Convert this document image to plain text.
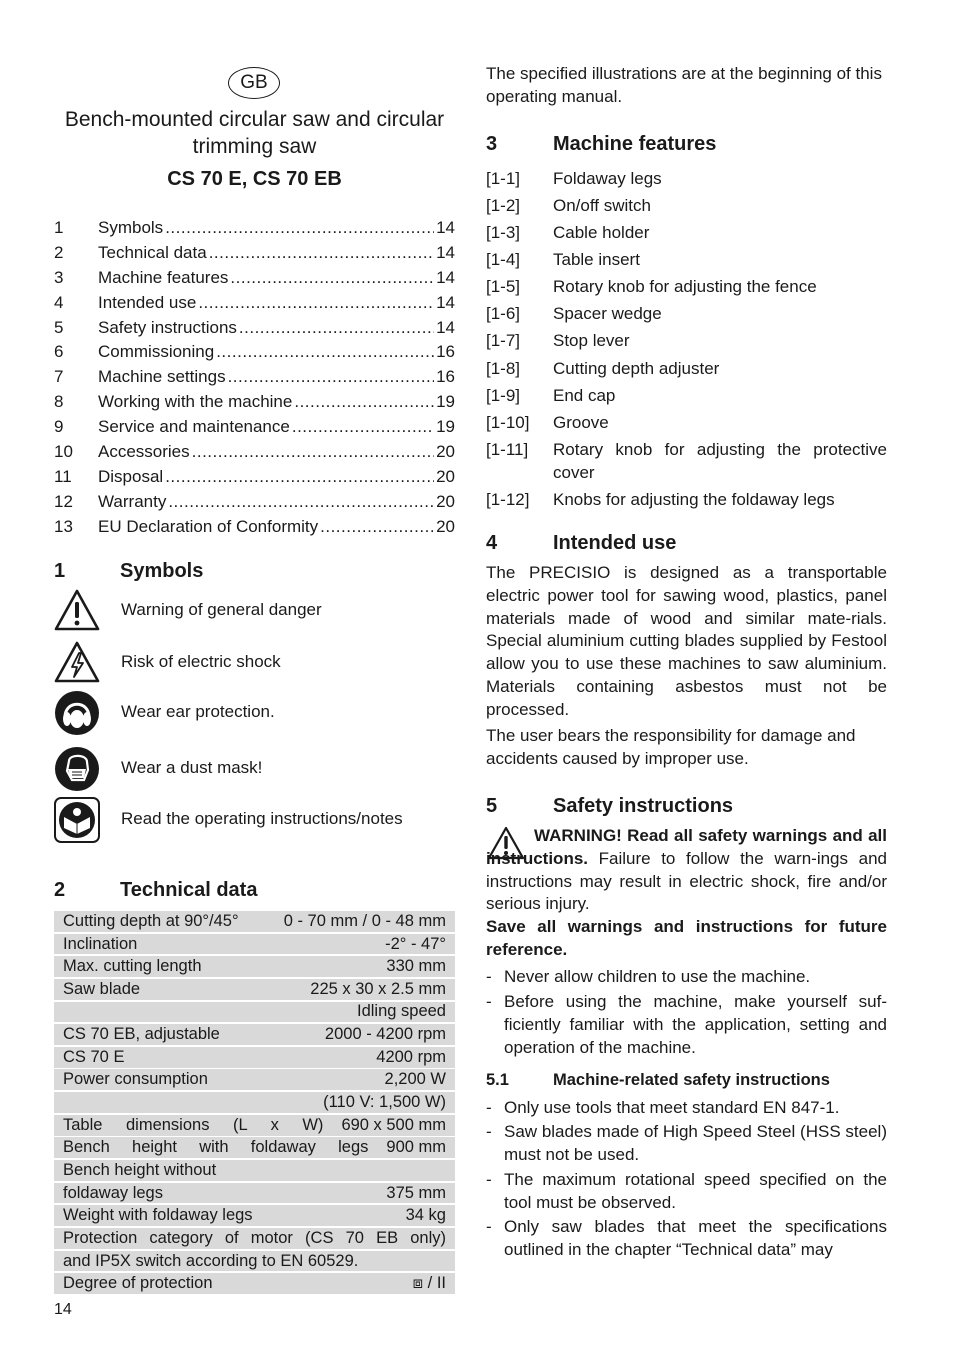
GB
Bench-mounted circular saw and circular
trimming saw
CS 70 E, CS 70 EB
1	Symbols .....	14
2	Technical data .....	14
3	Machine features .....	14
4	Intended use .....	14
5	Safety instructions .....	14
6	Commissioning .....	16
7	Machine settings .....	16
8	Working with the machine .....	19
9	Service and maintenance .....	19
10	Accessories .....	20
11	Disposal .....	20
12	Warranty .....	20
13	EU Declaration of Conformity .....	20
1	Symbols
Warning of general danger
Risk of electric shock
Wear ear protection.
Wear a dust mask!
Read the operating instructions/notes
2	Technical data
Cutting depth at 90°/45°	0 - 70 mm / 0 - 48 mm
Inclination	-2° - 47°
Max. cutting length	330 mm
Saw blade	225 x 30 x 2.5 mm
Idling speed
CS 70 EB, adjustable	2000 - 4200 rpm
CS 70 E	4200 rpm
Power consumption	2,200 W
(110 V: 1,500 W)
Table dimensions (L x W) 690 x 500 mm
Bench height with foldaway legs 900 mm
Bench height without
foldaway legs	375 mm
Weight with foldaway legs	34 kg
Protection category of motor (CS 70 EB only)
and IP5X switch according to EN 60529.
Degree of protection	⧈ / II
14
The specified illustrations are at the beginning of this operating manual.
3	Machine features
[1-1]	Foldaway legs
[1-2]	On/off switch
[1-3]	Cable holder
[1-4]	Table insert
[1-5]	Rotary knob for adjusting the fence
[1-6]	Spacer wedge
[1-7]	Stop lever
[1-8]	Cutting depth adjuster
[1-9]	End cap
[1-10]	Groove
[1-11]	Rotary knob for adjusting the protective cover
[1-12]	Knobs for adjusting the foldaway legs
4	Intended use
The PRECISIO is designed as a transportable electric power tool for sawing wood, plastics, panel materials made of wood and similar mate-rials. Special aluminium cutting blades supplied by Festool allow you to use these machines to saw aluminium. Materials containing asbestos must not be processed.
The user bears the responsibility for damage and accidents caused by improper use.
5	Safety instructions
WARNING! Read all safety warnings and all instructions. Failure to follow the warn-ings and instructions may result in electric shock, fire and/or serious injury.
Save all warnings and instructions for future reference.
- Never allow children to use the machine.
- Before using the machine, make yourself suf-ficiently familiar with the application, setting and operation of the machine.
5.1	Machine-related safety instructions
- Only use tools that meet standard EN 847-1.
- Saw blades made of High Speed Steel (HSS steel) must not be used.
- The maximum rotational speed specified on the tool must be observed.
- Only saw blades that meet the specifications outlined in the chapter “Technical data” may
